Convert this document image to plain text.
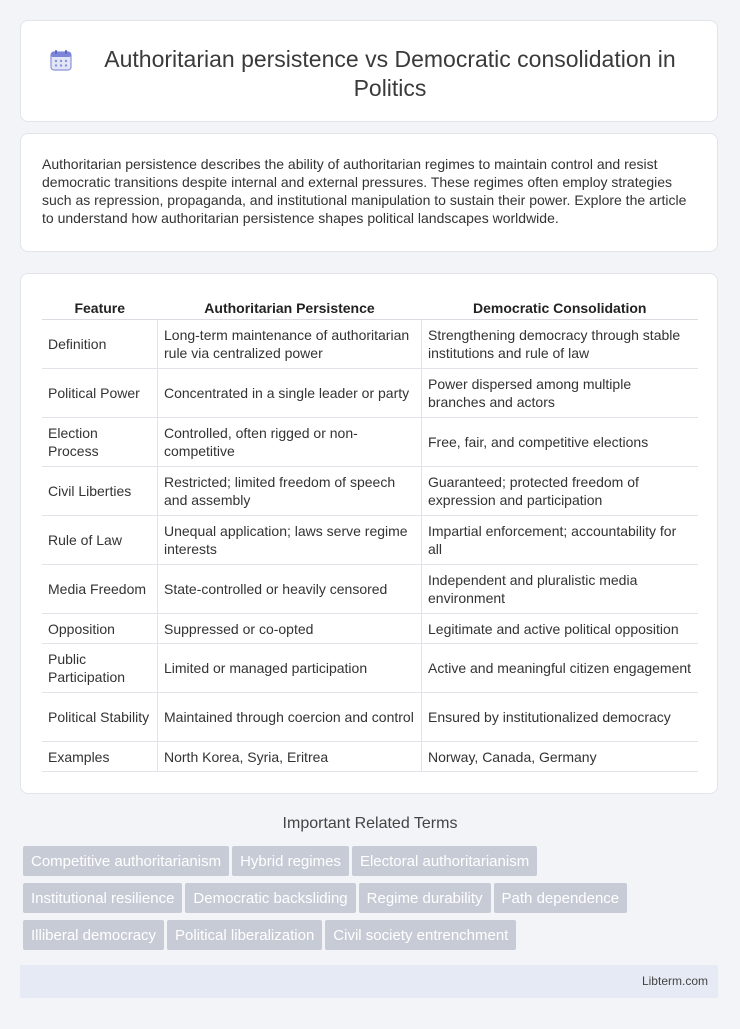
Authoritarian persistence vs Democratic consolidation in Politics

Authoritarian persistence describes the ability of authoritarian regimes to maintain control and resist democratic transitions despite internal and external pressures. These regimes often employ strategies such as repression, propaganda, and institutional manipulation to sustain their power. Explore the article to understand how authoritarian persistence shapes political landscapes worldwide.

Feature	Authoritarian Persistence	Democratic Consolidation
Definition	Long-term maintenance of authoritarian rule via centralized power	Strengthening democracy through stable institutions and rule of law
Political Power	Concentrated in a single leader or party	Power dispersed among multiple branches and actors
Election Process	Controlled, often rigged or non-competitive	Free, fair, and competitive elections
Civil Liberties	Restricted; limited freedom of speech and assembly	Guaranteed; protected freedom of expression and participation
Rule of Law	Unequal application; laws serve regime interests	Impartial enforcement; accountability for all
Media Freedom	State-controlled or heavily censored	Independent and pluralistic media environment
Opposition	Suppressed or co-opted	Legitimate and active political opposition
Public Participation	Limited or managed participation	Active and meaningful citizen engagement
Political Stability	Maintained through coercion and control	Ensured by institutionalized democracy
Examples	North Korea, Syria, Eritrea	Norway, Canada, Germany
Important Related Terms
Competitive authoritarianism Hybrid regimes Electoral authoritarianism
Institutional resilience Democratic backsliding Regime durability Path dependence
Illiberal democracy Political liberalization Civil society entrenchment
Libterm.com
